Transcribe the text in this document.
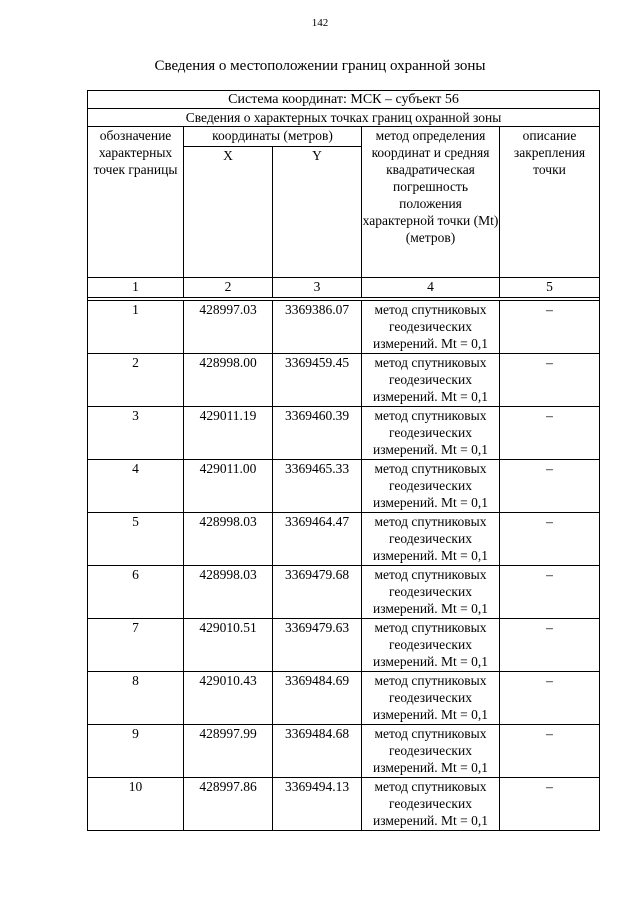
142
Сведения о местоположении границ охранной зоны
Система координат: МСК – субъект 56				
Сведения о характерных точках границ охранной зоны				
обозначение характерных точек границы	координаты (метров)		метод определения координат и средняя квадратическая погрешность положения характерной точки (Mt) (метров)	описание закрепления точки
	X	Y		
1	2	3	4	5

1	428997.03	3369386.07	метод спутниковых геодезических измерений. Mt = 0,1	–
2	428998.00	3369459.45	метод спутниковых геодезических измерений. Mt = 0,1	–
3	429011.19	3369460.39	метод спутниковых геодезических измерений. Mt = 0,1	–
4	429011.00	3369465.33	метод спутниковых геодезических измерений. Mt = 0,1	–
5	428998.03	3369464.47	метод спутниковых геодезических измерений. Mt = 0,1	–
6	428998.03	3369479.68	метод спутниковых геодезических измерений. Mt = 0,1	–
7	429010.51	3369479.63	метод спутниковых геодезических измерений. Mt = 0,1	–
8	429010.43	3369484.69	метод спутниковых геодезических измерений. Mt = 0,1	–
9	428997.99	3369484.68	метод спутниковых геодезических измерений. Mt = 0,1	–
10	428997.86	3369494.13	метод спутниковых геодезических измерений. Mt = 0,1	–
